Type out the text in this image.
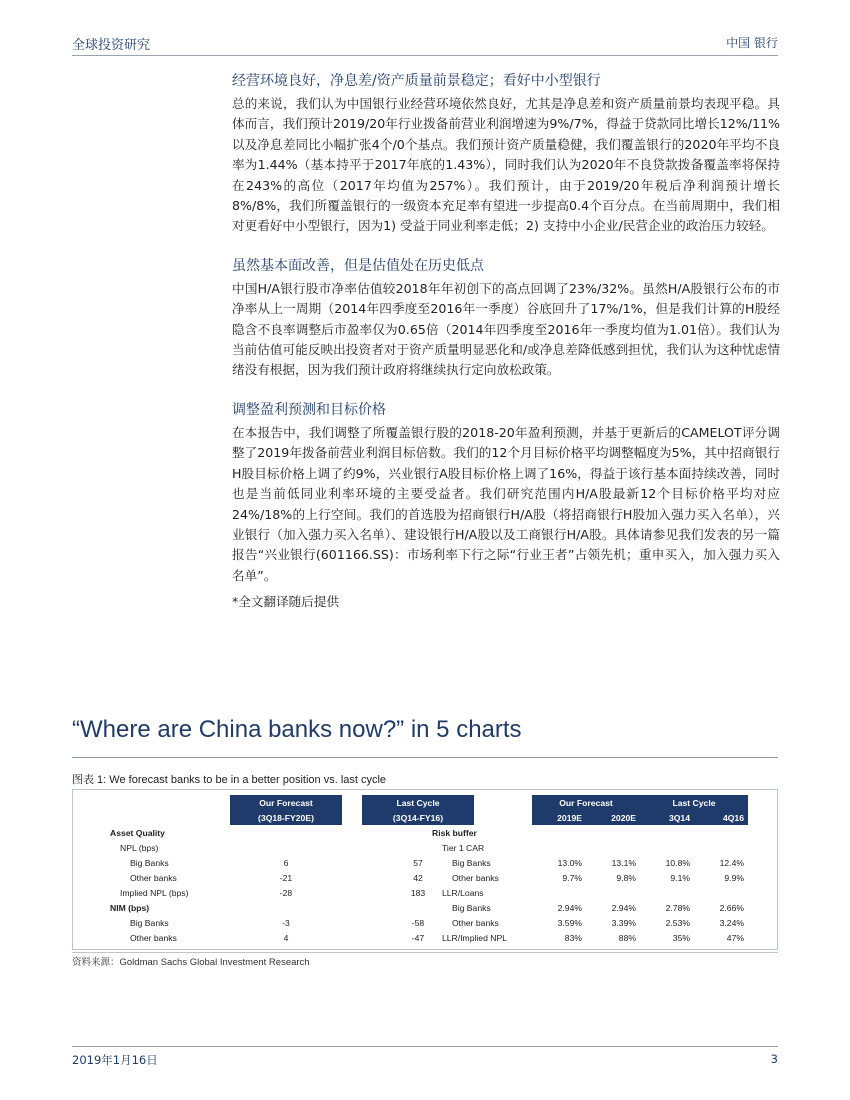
全球投资研究	中国 银行
经营环境良好，净息差/资产质量前景稳定；看好中小型银行

总的来说，我们认为中国银行业经营环境依然良好，尤其是净息差和资产质量前景均表现平稳。具体而言，我们预计2019/20年行业拨备前营业利润增速为9%/7%，得益于贷款同比增长12%/11%以及净息差同比小幅扩张4个/0个基点。我们预计资产质量稳健，我们覆盖银行的2020年平均不良率为1.44%（基本持平于2017年底的1.43%），同时我们认为2020年不良贷款拨备覆盖率将保持在243%的高位（2017年均值为257%）。我们预计，由于2019/20年税后净利润预计增长8%/8%，我们所覆盖银行的一级资本充足率有望进一步提高0.4个百分点。在当前周期中，我们相对更看好中小型银行，因为1) 受益于同业利率走低；2) 支持中小企业/民营企业的政治压力较轻。

虽然基本面改善，但是估值处在历史低点

中国H/A银行股市净率估值较2018年年初创下的高点回调了23%/32%。虽然H/A股银行公布的市净率从上一周期（2014年四季度至2016年一季度）谷底回升了17%/1%，但是我们计算的H股经隐含不良率调整后市盈率仅为0.65倍（2014年四季度至2016年一季度均值为1.01倍）。我们认为当前估值可能反映出投资者对于资产质量明显恶化和/或净息差降低感到担忧，我们认为这种忧虑情绪没有根据，因为我们预计政府将继续执行定向放松政策。

调整盈利预测和目标价格

在本报告中，我们调整了所覆盖银行股的2018-20年盈利预测，并基于更新后的CAMELOT评分调整了2019年拨备前营业利润目标倍数。我们的12个月目标价格平均调整幅度为5%，其中招商银行H股目标价格上调了约9%，兴业银行A股目标价格上调了16%，得益于该行基本面持续改善，同时也是当前低同业利率环境的主要受益者。我们研究范围内H/A股最新12个目标价格平均对应24%/18%的上行空间。我们的首选股为招商银行H/A股（将招商银行H股加入强力买入名单），兴业银行（加入强力买入名单）、建设银行H/A股以及工商银行H/A股。具体请参见我们发表的另一篇报告“兴业银行(601166.SS)：市场利率下行之际“行业王者”占领先机；重申买入，加入强力买入名单”。

*全文翻译随后提供
“Where are China banks now?” in 5 charts
图表 1: We forecast banks to be in a better position vs. last cycle
	Our Forecast		Last Cycle
	(3Q18-FY20E)		(3Q14-FY16)
Asset Quality			
NPL (bps)			
Big Banks	6		57
Other banks	-21		42
Implied NPL (bps)	-28		183
NIM (bps)			
Big Banks	-3		-58
Other banks	4		-47
	Our Forecast		Last Cycle	
	2019E	2020E	3Q14	4Q16
Risk buffer				
Tier 1 CAR				
Big Banks	13.0%	13.1%	10.8%	12.4%
Other banks	9.7%	9.8%	9.1%	9.9%
LLR/Loans				
Big Banks	2.94%	2.94%	2.78%	2.66%
Other banks	3.59%	3.39%	2.53%	3.24%
LLR/Implied NPL	83%	88%	35%	47%
资料来源：Goldman Sachs Global Investment Research
2019年1月16日	3
